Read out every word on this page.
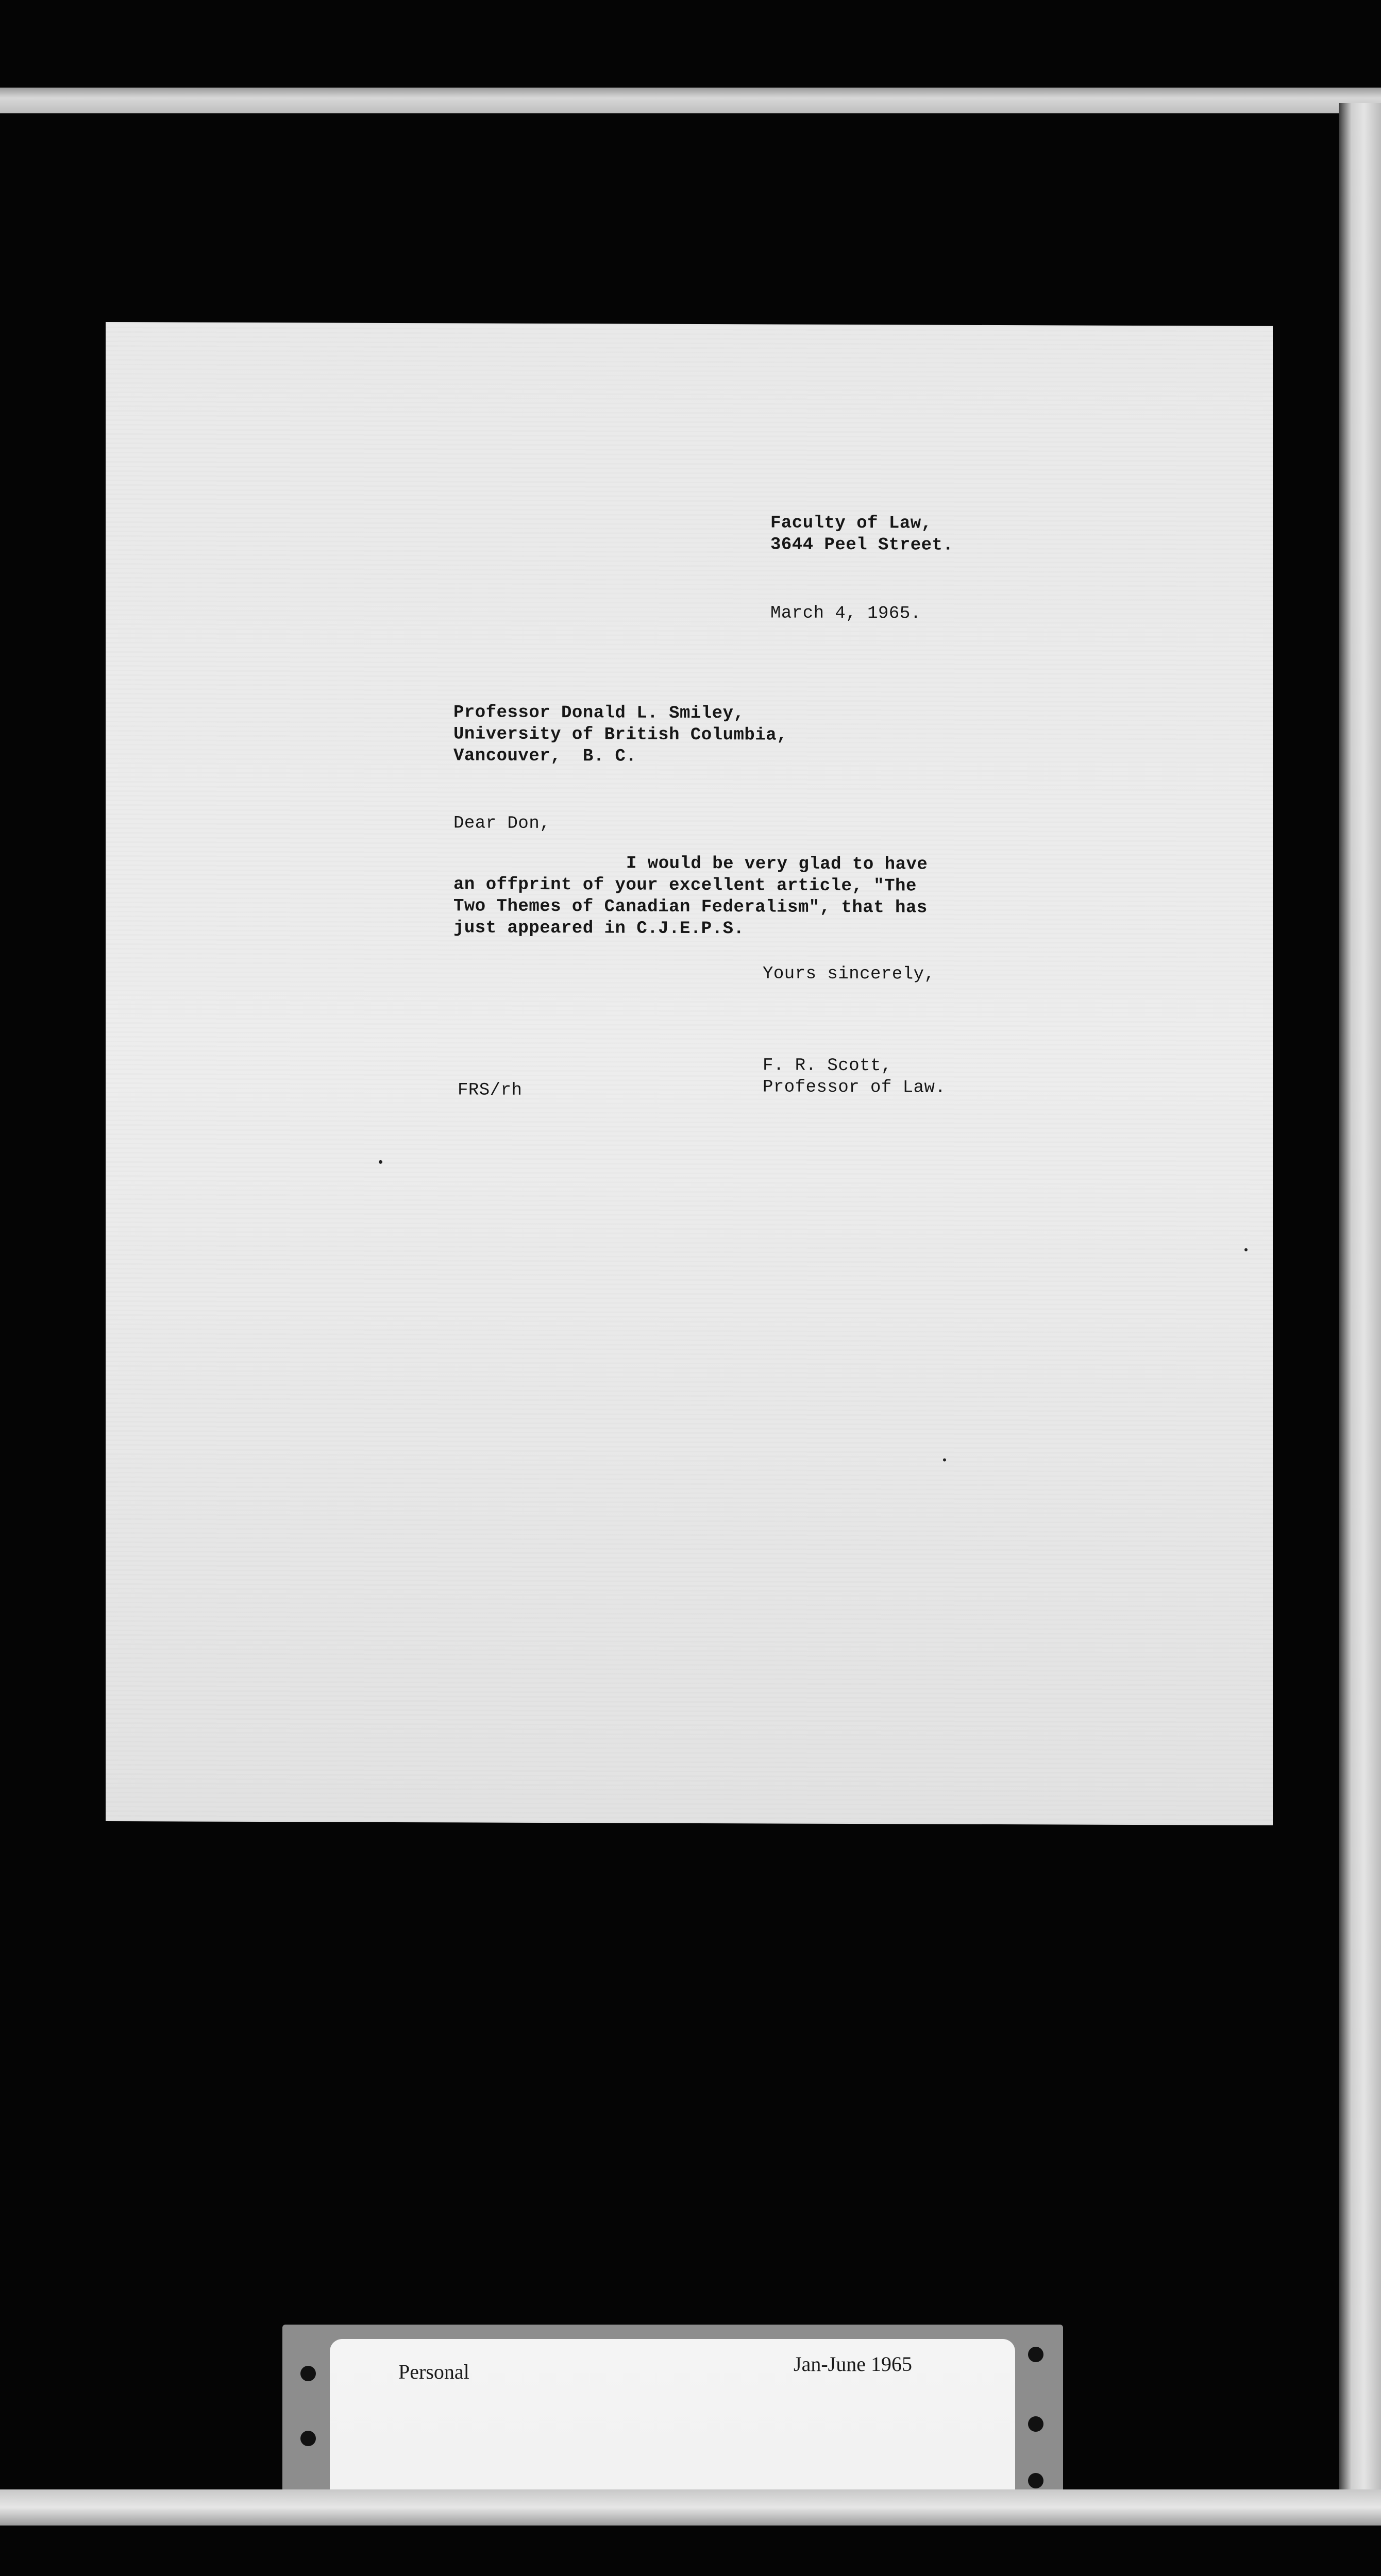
Faculty of Law,
3644 Peel Street.
March 4, 1965.
Professor Donald L. Smiley,
University of British Columbia,
Vancouver,  B. C.
Dear Don,
I would be very glad to have
an offprint of your excellent article, "The
Two Themes of Canadian Federalism", that has
just appeared in C.J.E.P.S.
Yours sincerely,
F. R. Scott,
Professor of Law.
FRS/rh
Personal	Jan-June 1965
